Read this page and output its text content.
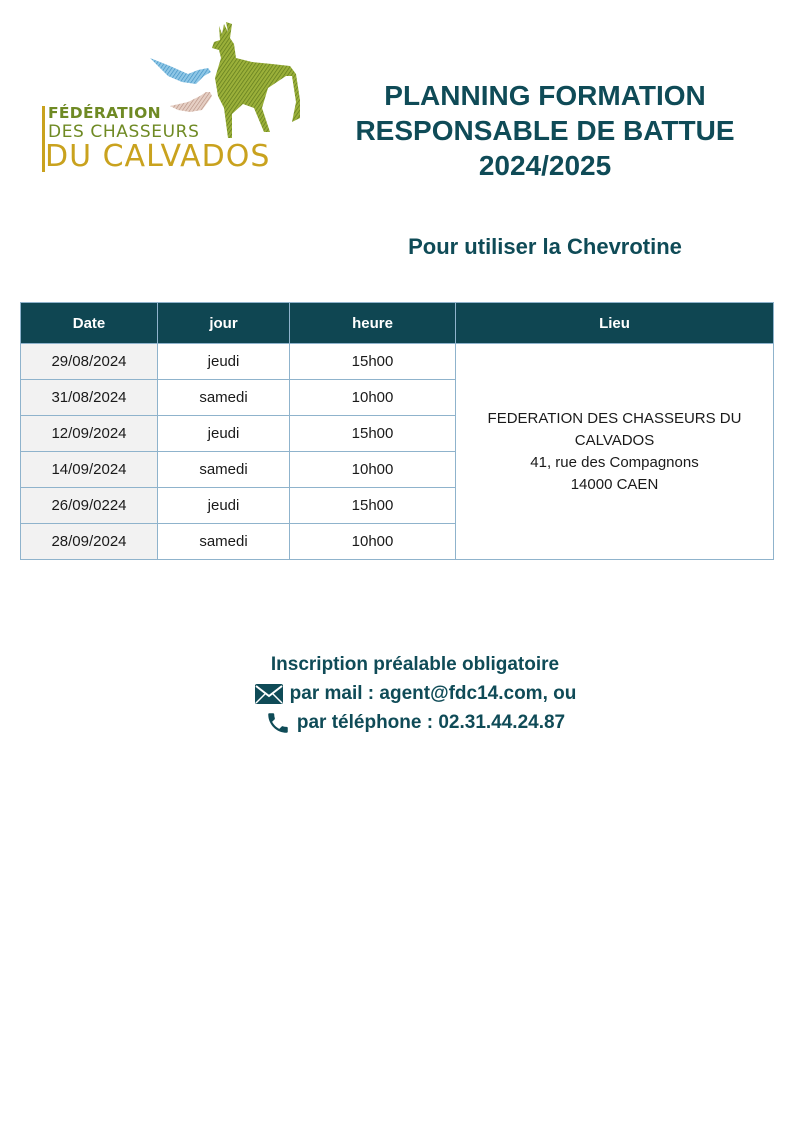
FÉDÉRATION
DES CHASSEURS
DU CALVADOS
PLANNING FORMATION
RESPONSABLE DE BATTUE
2024/2025
Pour utiliser la Chevrotine
Date	jour	heure	Lieu
29/08/2024	jeudi	15h00	FEDERATION DES CHASSEURS DU
CALVADOS
41, rue des Compagnons
14000 CAEN

31/08/2024	samedi	10h00	
12/09/2024	jeudi	15h00	
14/09/2024	samedi	10h00	
26/09/0224	jeudi	15h00	
28/09/2024	samedi	10h00	
Inscription préalable obligatoire
par mail : agent@fdc14.com, ou
par téléphone : 02.31.44.24.87
